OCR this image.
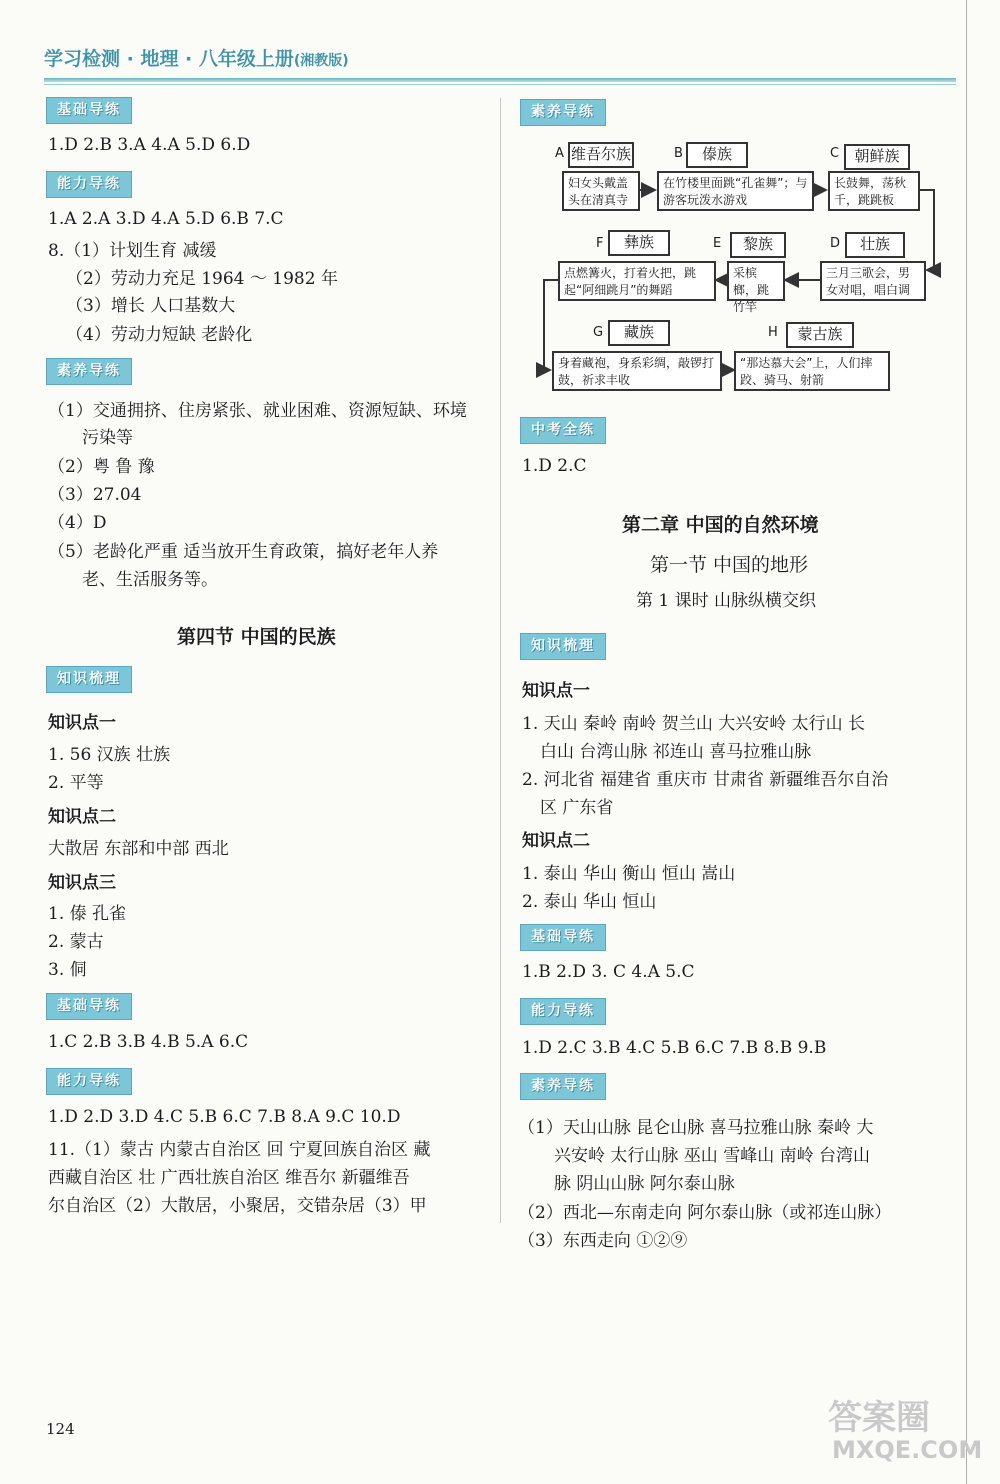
学习检测 · 地理 · 八年级上册(湘教版)
基础导练
1.D 2.B 3.A 4.A 5.D 6.D
能力导练
1.A 2.A 3.D 4.A 5.D 6.B 7.C
8.（1）计划生育 减缓
（2）劳动力充足 1964 ～ 1982 年
（3）增长 人口基数大
（4）劳动力短缺 老龄化
素养导练
（1）交通拥挤、住房紧张、就业困难、资源短缺、环境
污染等
（2）粤 鲁 豫
（3）27.04
（4）D
（5）老龄化严重 适当放开生育政策，搞好老年人养
老、生活服务等。
第四节 中国的民族
知识梳理
知识点一
1. 56 汉族 壮族
2. 平等
知识点二
大散居 东部和中部 西北
知识点三
1. 傣 孔雀
2. 蒙古
3. 侗
基础导练
1.C 2.B 3.B 4.B 5.A 6.C
能力导练
1.D 2.D 3.D 4.C 5.B 6.C 7.B 8.A 9.C 10.D
11.（1）蒙古 内蒙古自治区 回 宁夏回族自治区 藏
西藏自治区 壮 广西壮族自治区 维吾尔 新疆维吾
尔自治区（2）大散居，小聚居，交错杂居（3）甲
素养导练
A 维吾尔族
妇女头戴盖头在清真寺
B	傣族
在竹楼里面跳“孔雀舞”；与游客玩泼水游戏
C	朝鲜族
长鼓舞，荡秋千，跳跳板
D	壮族
三月三歌会，男女对唱，唱白调
E	黎族
采槟榔，跳竹竿
F	彝族
点燃篝火，打着火把，跳起“阿细跳月”的舞蹈
G	藏族
身着藏袍，身系彩绸，敲锣打鼓，祈求丰收
H	蒙古族
“那达慕大会”上，人们摔跤、骑马、射箭
中考全练
1.D 2.C
第二章 中国的自然环境
第一节 中国的地形
第 1 课时 山脉纵横交织
知识梳理
知识点一
1. 天山 秦岭 南岭 贺兰山 大兴安岭 太行山 长
白山 台湾山脉 祁连山 喜马拉雅山脉
2. 河北省 福建省 重庆市 甘肃省 新疆维吾尔自治
区 广东省
知识点二
1. 泰山 华山 衡山 恒山 嵩山
2. 泰山 华山 恒山
基础导练
1.B 2.D 3. C 4.A 5.C
能力导练
1.D 2.C 3.B 4.C 5.B 6.C 7.B 8.B 9.B
素养导练
（1）天山山脉 昆仑山脉 喜马拉雅山脉 秦岭 大
兴安岭 太行山脉 巫山 雪峰山 南岭 台湾山
脉 阴山山脉 阿尔泰山脉
（2）西北—东南走向 阿尔泰山脉（或祁连山脉）
（3）东西走向 ①②⑨
124	答案圈
MXQE.COM
